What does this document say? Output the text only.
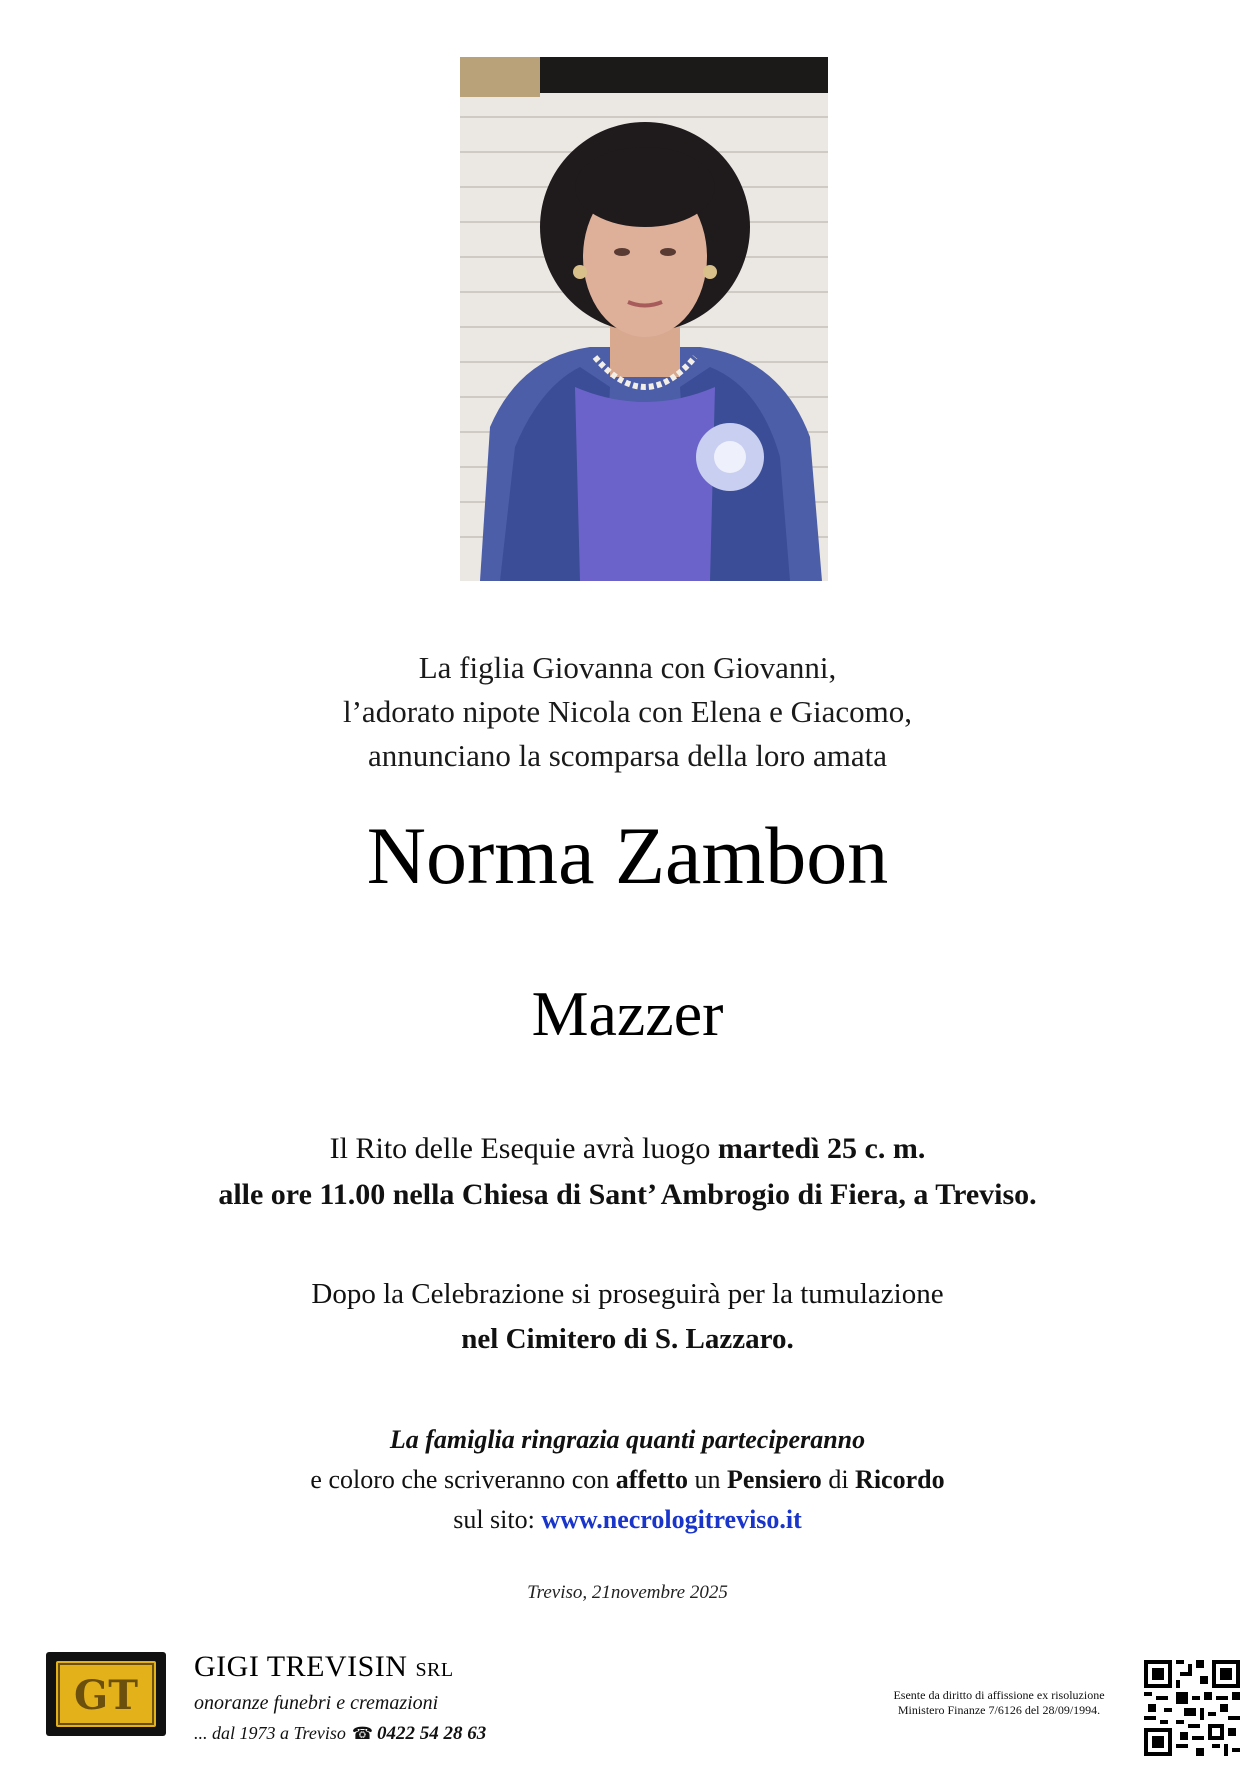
La figlia Giovanna con Giovanni,
l’adorato nipote Nicola con Elena e Giacomo,
annunciano la scomparsa della loro amata
Norma Zambon
Mazzer
Il Rito delle Esequie avrà luogo martedì 25 c. m.
alle ore 11.00 nella Chiesa di Sant’ Ambrogio di Fiera, a Treviso.
Dopo la Celebrazione si proseguirà per la tumulazione
nel Cimitero di S. Lazzaro.
La famiglia ringrazia quanti parteciperanno
e coloro che scriveranno con affetto un Pensiero di Ricordo
sul sito: www.necrologitreviso.it
Treviso, 21novembre 2025
GT
GIGI TREVISIN SRL
onoranze funebri e cremazioni
... dal 1973 a Treviso ☎ 0422 54 28 63
Esente da diritto di affissione ex risoluzione
Ministero Finanze 7/6126 del 28/09/1994.
